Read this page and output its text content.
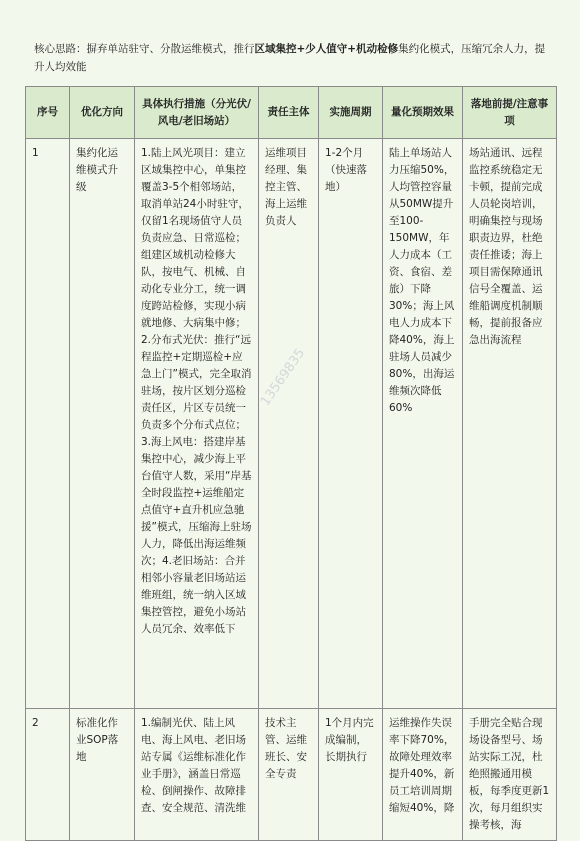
核心思路：摒弃单站驻守、分散运维模式，推行区域集控+少人值守+机动检修集约化模式，压缩冗余人力，提升人均效能
序号	优化方向	具体执行措施（分光伏/风电/老旧场站）	责任主体	实施周期	量化预期效果	落地前提/注意事项
1	集约化运维模式升级	1.陆上风光项目：建立区域集控中心，单集控覆盖3-5个相邻场站，取消单站24小时驻守，仅留1名现场值守人员负责应急、日常巡检；组建区域机动检修大队，按电气、机械、自动化专业分工，统一调度跨站检修，实现小病就地修、大病集中修；2.分布式光伏：推行“远程监控+定期巡检+应急上门”模式，完全取消驻场，按片区划分巡检责任区，片区专员统一负责多个分布式点位；3.海上风电：搭建岸基集控中心，减少海上平台值守人数，采用“岸基全时段监控+运维船定点值守+直升机应急驰援”模式，压缩海上驻场人力，降低出海运维频次；4.老旧场站：合并相邻小容量老旧场站运维班组，统一纳入区域集控管控，避免小场站人员冗余、效率低下	运维项目经理、集控主管、海上运维负责人	1-2个月（快速落地）	陆上单场站人力压缩50%，人均管控容量从50MW提升至100-150MW，年人力成本（工资、食宿、差旅）下降30%；海上风电人力成本下降40%，海上驻场人员减少80%，出海运维频次降低60%	场站通讯、远程监控系统稳定无卡顿，提前完成人员轮岗培训，明确集控与现场职责边界，杜绝责任推诿；海上项目需保障通讯信号全覆盖、运维船调度机制顺畅，提前报备应急出海流程
2	标准化作业SOP落地	1.编制光伏、陆上风电、海上风电、老旧场站专属《运维标准化作业手册》，涵盖日常巡检、倒闸操作、故障排查、安全规范、清洗维	技术主管、运维班长、安全专责	1个月内完成编制，长期执行	运维操作失误率下降70%，故障处理效率提升40%，新员工培训周期缩短40%，降	手册完全贴合现场设备型号、场站实际工况，杜绝照搬通用模板，每季度更新1次，每月组织实操考核，海
13569835
